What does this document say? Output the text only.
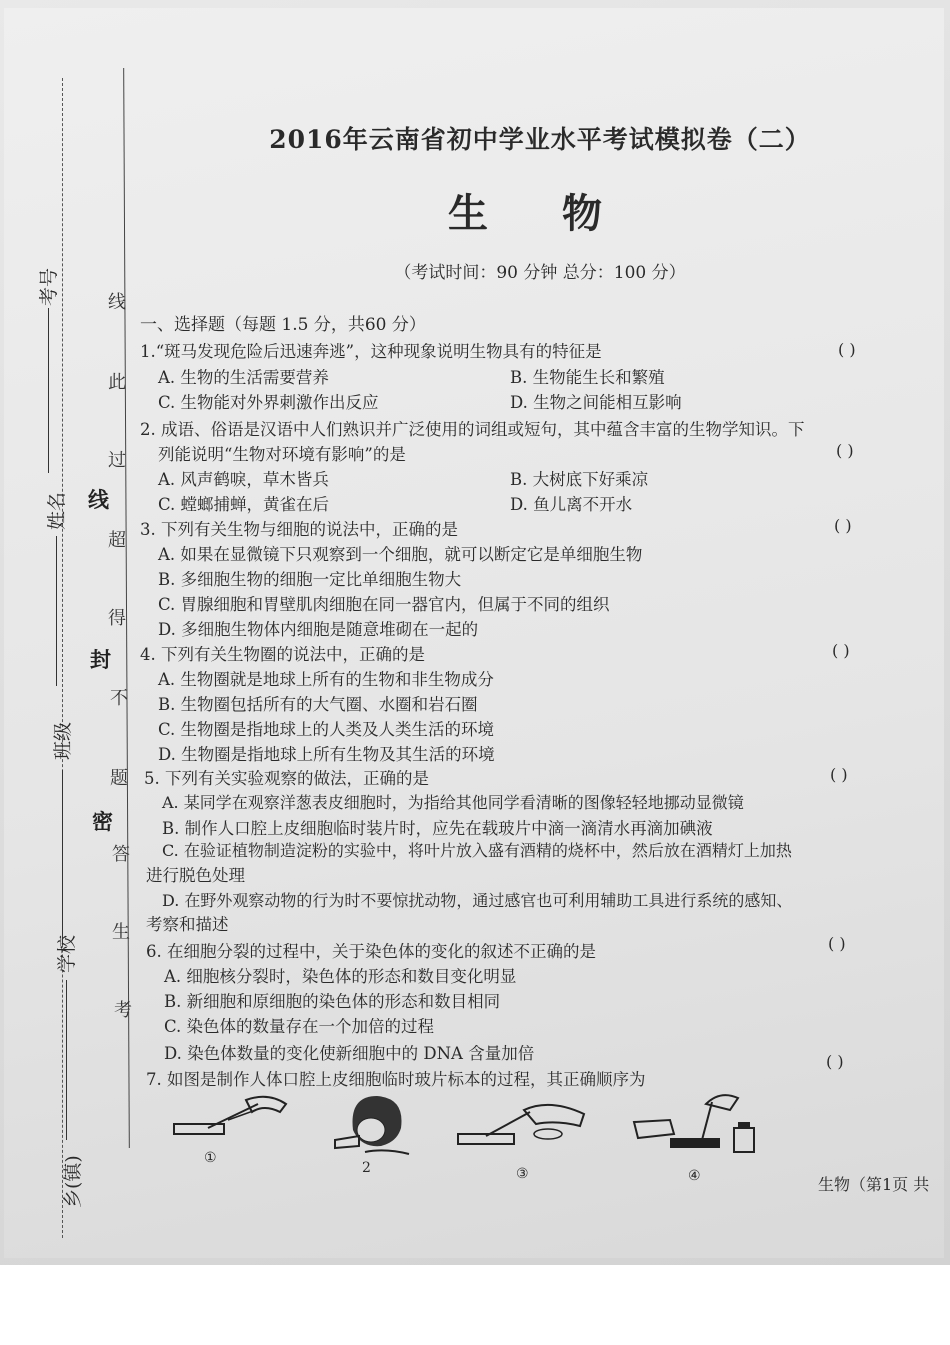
考号
姓名
班级
学校
乡(镇)
线
封
密
线
此
过
超
得
不
题
答
生
考
2016年云南省初中学业水平考试模拟卷（二）
生 物
（考试时间：90 分钟 总分：100 分）
一、选择题（每题 1.5 分，共60 分）
1.“斑马发现危险后迅速奔逃”，这种现象说明生物具有的特征是	( )
A. 生物的生活需要营养	B. 生物能生长和繁殖
C. 生物能对外界刺激作出反应	D. 生物之间能相互影响
2. 成语、俗语是汉语中人们熟识并广泛使用的词组或短句，其中蕴含丰富的生物学知识。下
列能说明“生物对环境有影响”的是	( )
A. 风声鹤唳，草木皆兵	B. 大树底下好乘凉
C. 螳螂捕蝉，黄雀在后	D. 鱼儿离不开水
3. 下列有关生物与细胞的说法中，正确的是	( )
A. 如果在显微镜下只观察到一个细胞，就可以断定它是单细胞生物
B. 多细胞生物的细胞一定比单细胞生物大
C. 胃腺细胞和胃壁肌肉细胞在同一器官内，但属于不同的组织
D. 多细胞生物体内细胞是随意堆砌在一起的
4. 下列有关生物圈的说法中，正确的是	( )
A. 生物圈就是地球上所有的生物和非生物成分
B. 生物圈包括所有的大气圈、水圈和岩石圈
C. 生物圈是指地球上的人类及人类生活的环境
D. 生物圈是指地球上所有生物及其生活的环境
5. 下列有关实验观察的做法，正确的是	( )
A. 某同学在观察洋葱表皮细胞时，为指给其他同学看清晰的图像轻轻地挪动显微镜
B. 制作人口腔上皮细胞临时装片时，应先在载玻片中滴一滴清水再滴加碘液
C. 在验证植物制造淀粉的实验中，将叶片放入盛有酒精的烧杯中，然后放在酒精灯上加热
进行脱色处理
D. 在野外观察动物的行为时不要惊扰动物，通过感官也可利用辅助工具进行系统的感知、
考察和描述
6. 在细胞分裂的过程中，关于染色体的变化的叙述不正确的是	( )
A. 细胞核分裂时，染色体的形态和数目变化明显
B. 新细胞和原细胞的染色体的形态和数目相同
C. 染色体的数量存在一个加倍的过程
D. 染色体数量的变化使新细胞中的 DNA 含量加倍
7. 如图是制作人体口腔上皮细胞临时玻片标本的过程，其正确顺序为
( )
①
2	③	④	生物（第1页 共
